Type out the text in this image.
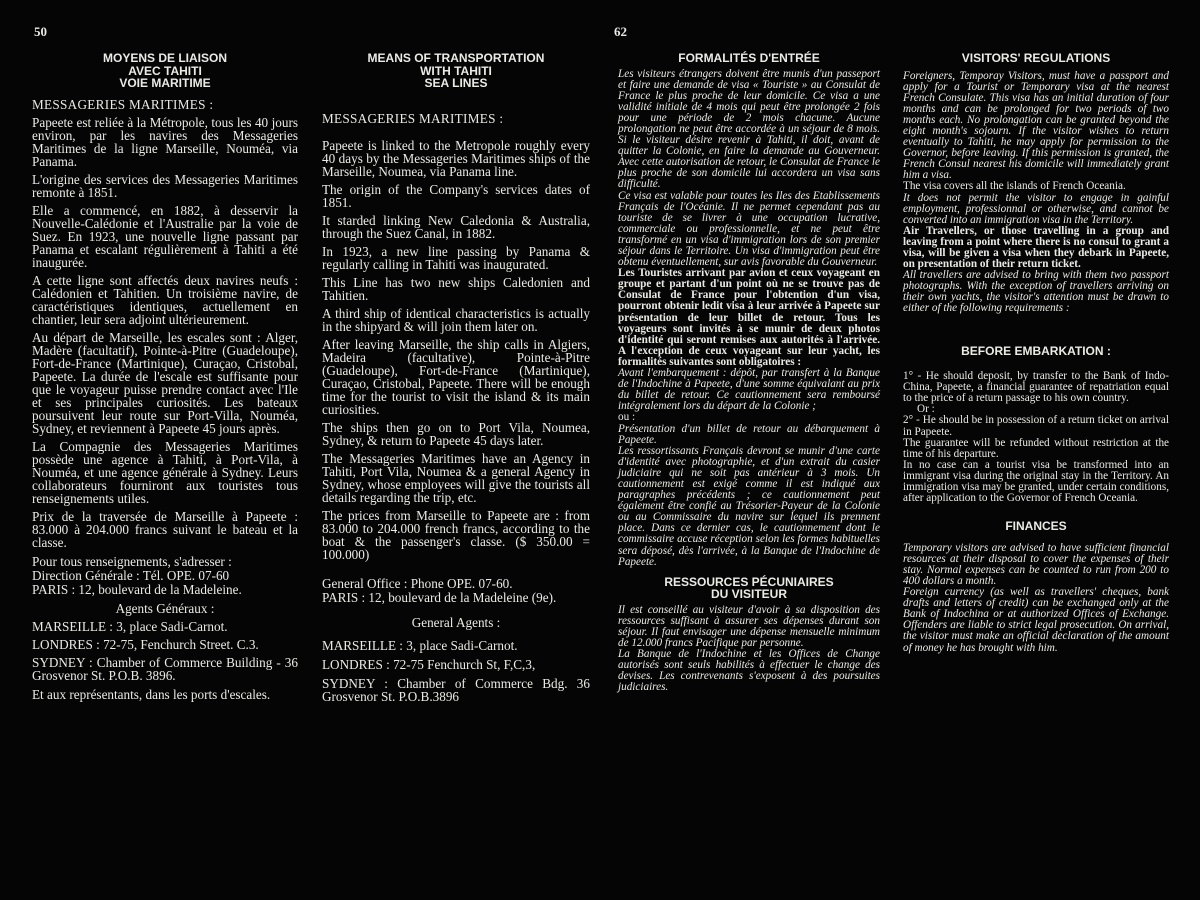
50	62
MOYENS DE LIAISON
AVEC TAHITI
VOIE MARITIME

MESSAGERIES MARITIMES :

Papeete est reliée à la Métropole, tous les 40 jours environ, par les navires des Messageries Maritimes de la ligne Marseille, Nouméa, via Panama.

L'origine des services des Messageries Maritimes remonte à 1851.

Elle a commencé, en 1882, à desservir la Nouvelle-Calédonie et l'Australie par la voie de Suez. En 1923, une nouvelle ligne passant par Panama et escalant régulièrement à Tahiti a été inaugurée.

A cette ligne sont affectés deux navires neufs : Calédonien et Tahitien. Un troisième navire, de caractéristiques identiques, actuellement en chantier, leur sera adjoint ultérieurement.

Au départ de Marseille, les escales sont : Alger, Madère (facultatif), Pointe-à-Pitre (Guadeloupe), Fort-de-France (Martinique), Curaçao, Cristobal, Papeete. La durée de l'escale est suffisante pour que le voyageur puisse prendre contact avec l'Ile et ses principales curiosités. Les bateaux poursuivent leur route sur Port-Villa, Nouméa, Sydney, et reviennent à Papeete 45 jours après.

La Compagnie des Messageries Maritimes possède une agence à Tahiti, à Port-Vila, à Nouméa, et une agence générale à Sydney. Leurs collaborateurs fourniront aux touristes tous renseignements utiles.

Prix de la traversée de Marseille à Papeete : 83.000 à 204.000 francs suivant le bateau et la classe.

Pour tous renseignements, s'adresser :

Direction Générale : Tél. OPE. 07-60

PARIS : 12, boulevard de la Madeleine.

Agents Généraux :

MARSEILLE : 3, place Sadi-Carnot.

LONDRES : 72-75, Fenchurch Street. C.3.

SYDNEY : Chamber of Commerce Building - 36 Grosvenor St. P.O.B. 3896.

Et aux représentants, dans les ports d'escales.

MEANS OF TRANSPORTATION
WITH TAHITI
SEA LINES

MESSAGERIES MARITIMES :

Papeete is linked to the Metropole roughly every 40 days by the Messageries Maritimes ships of the Marseille, Noumea, via Panama line.

The origin of the Company's services dates of 1851.

It starded linking New Caledonia & Australia, through the Suez Canal, in 1882.

In 1923, a new line passing by Panama & regularly calling in Tahiti was inaugurated.

This Line has two new ships Caledonien and Tahitien.

A third ship of identical characteristics is actually in the shipyard & will join them later on.

After leaving Marseille, the ship calls in Algiers, Madeira (facultative), Pointe-à-Pitre (Guadeloupe), Fort-de-France (Martinique), Curaçao, Cristobal, Papeete. There will be enough time for the tourist to visit the island & its main curiosities.

The ships then go on to Port Vila, Noumea, Sydney, & return to Papeete 45 days later.

The Messageries Maritimes have an Agency in Tahiti, Port Vila, Noumea & a general Agency in Sydney, whose employees will give the tourists all details regarding the trip, etc.

The prices from Marseille to Papeete are : from 83.000 to 204.000 french francs, according to the boat & the passenger's classe. ($ 350.00 = 100.000)

General Office : Phone OPE. 07-60.

PARIS : 12, boulevard de la Madeleine (9e).

General Agents :

MARSEILLE : 3, place Sadi-Carnot.

LONDRES : 72-75 Fenchurch St, F,C,3,

SYDNEY : Chamber of Commerce Bdg. 36 Grosvenor St. P.O.B.3896

FORMALITÉS D'ENTRÉE

Les visiteurs étrangers doivent être munis d'un passeport et faire une demande de visa « Touriste » au Consulat de France le plus proche de leur domicile. Ce visa a une validité initiale de 4 mois qui peut être prolongée 2 fois pour une période de 2 mois chacune. Aucune prolongation ne peut être accordée à un séjour de 8 mois. Si le visiteur désire revenir à Tahiti, il doit, avant de quitter la Colonie, en faire la demande au Gouverneur. Avec cette autorisation de retour, le Consulat de France le plus proche de son domicile lui accordera un visa sans difficulté.

Ce visa est valable pour toutes les Iles des Etablissements Français de l'Océanie. Il ne permet cependant pas au touriste de se livrer à une occupation lucrative, commerciale ou professionnelle, et ne peut être transformé en un visa d'immigration lors de son premier séjour dans le Territoire. Un visa d'immigration peut être obtenu éventuellement, sur avis favorable du Gouverneur.

Les Touristes arrivant par avion et ceux voyageant en groupe et partant d'un point où ne se trouve pas de Consulat de France pour l'obtention d'un visa, pourront obtenir ledit visa à leur arrivée à Papeete sur présentation de leur billet de retour. Tous les voyageurs sont invités à se munir de deux photos d'identité qui seront remises aux autorités à l'arrivée. A l'exception de ceux voyageant sur leur yacht, les formalités suivantes sont obligatoires :

Avant l'embarquement : dépôt, par transfert à la Banque de l'Indochine à Papeete, d'une somme équivalant au prix du billet de retour. Ce cautionnement sera remboursé intégralement lors du départ de la Colonie ;

ou :

Présentation d'un billet de retour au débarquement à Papeete.

Les ressortissants Français devront se munir d'une carte d'identité avec photographie, et d'un extrait du casier judiciaire qui ne soit pas antérieur à 3 mois. Un cautionnement est exigé comme il est indiqué aux paragraphes précédents ; ce cautionnement peut également être confié au Trésorier-Payeur de la Colonie ou au Commissaire du navire sur lequel ils prennent place. Dans ce dernier cas, le cautionnement dont le commissaire accuse réception selon les formes habituelles sera déposé, dès l'arrivée, à la Banque de l'Indochine de Papeete.

RESSOURCES PÉCUNIAIRES
DU VISITEUR

Il est conseillé au visiteur d'avoir à sa disposition des ressources suffisant à assurer ses dépenses durant son séjour. Il faut envisager une dépense mensuelle minimum de 12.000 francs Pacifique par personne.

La Banque de l'Indochine et les Offices de Change autorisés sont seuls habilités à effectuer le change des devises. Les contrevenants s'exposent à des poursuites judiciaires.

VISITORS' REGULATIONS

Foreigners, Temporay Visitors, must have a passport and apply for a Tourist or Temporary visa at the nearest French Consulate. This visa has an initial duration of four months and can be prolonged for two periods of two months each. No prolongation can be granted beyond the eight month's sojourn. If the visitor wishes to return eventually to Tahiti, he may apply for permission to the Governor, before leaving. If this permission is granted, the French Consul nearest his domicile will immediately grant him a visa.

The visa covers all the islands of French Oceania.

It does not permit the visitor to engage in gainful employment, professionnal or otherwise, and cannot be converted into an immigration visa in the Territory.

Air Travellers, or those travelling in a group and leaving from a point where there is no consul to grant a visa, will be given a visa when they debark in Papeete, on presentation of their return ticket.

All travellers are advised to bring with them two passport photographs. With the exception of travellers arriving on their own yachts, the visitor's attention must be drawn to either of the following requirements :

BEFORE EMBARKATION :

1° - He should deposit, by transfer to the Bank of Indo-China, Papeete, a financial guarantee of repatriation equal to the price of a return passage to his own country.

Or :

2° - He should be in possession of a return ticket on arrival in Papeete.

The guarantee will be refunded without restriction at the time of his departure.

In no case can a tourist visa be transformed into an immigrant visa during the original stay in the Territory. An immigration visa may be granted, under certain conditions, after application to the Governor of French Oceania.

FINANCES

Temporary visitors are advised to have sufficient financial resources at their disposal to cover the expenses of their stay. Normal expenses can be counted to run from 200 to 400 dollars a month.

Foreign currency (as well as travellers' cheques, bank drafts and letters of credit) can be exchanged only at the Bank of Indochina or at authorized Offices of Exchange. Offenders are liable to strict legal prosecution. On arrival, the visitor must make an official declaration of the amount of money he has brought with him.
